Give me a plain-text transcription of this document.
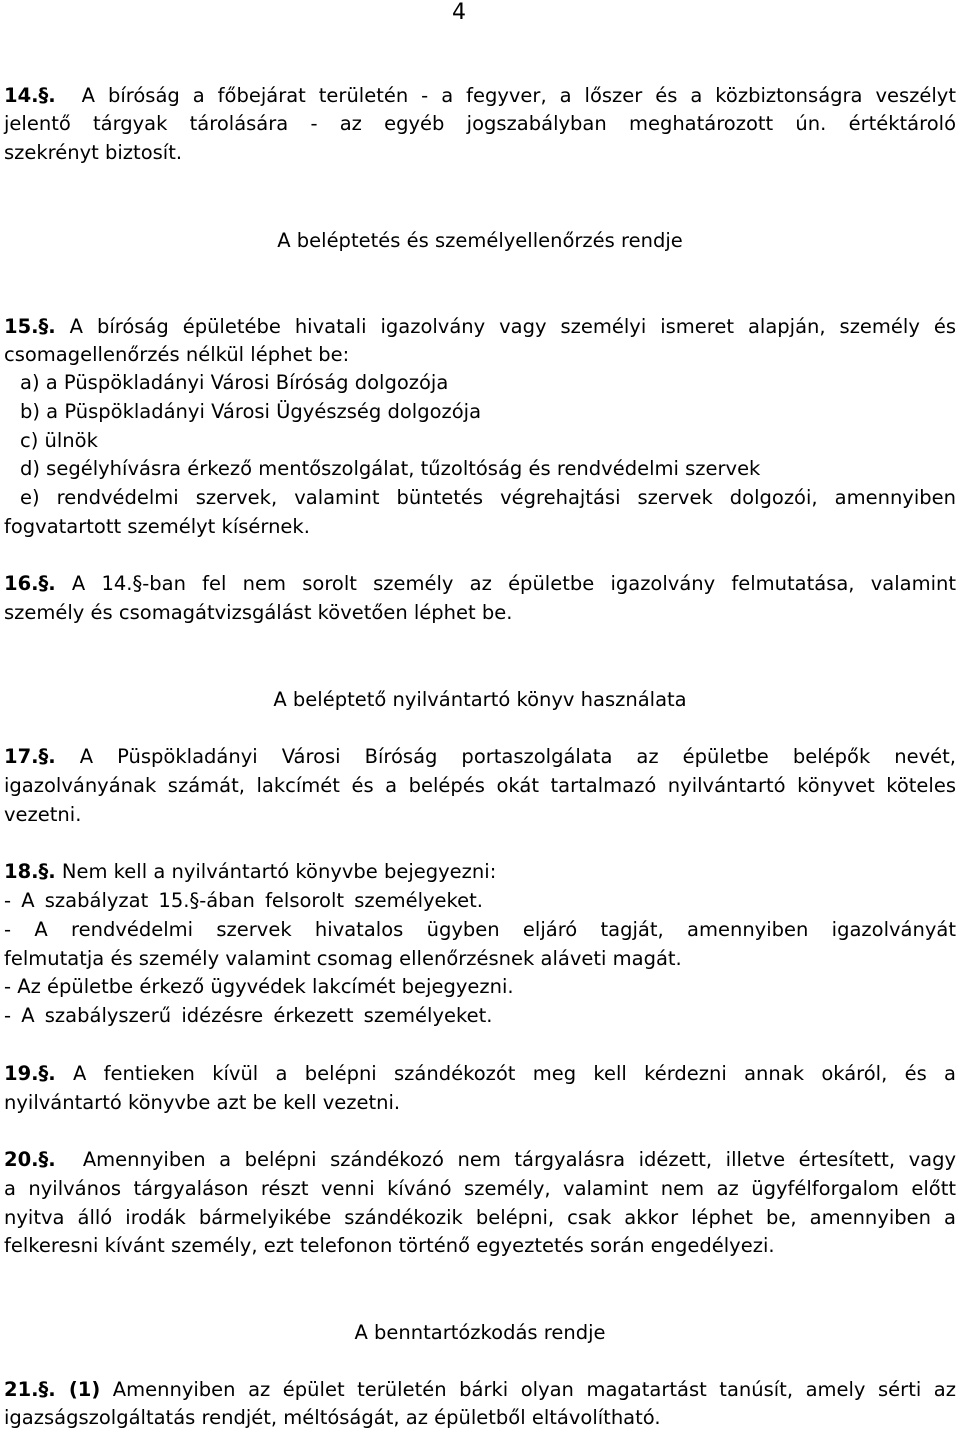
4
14.§. A bíróság a főbejárat területén - a fegyver, a lőszer és a közbiztonságra veszélyt
jelentő tárgyak tárolására - az egyéb jogszabályban meghatározott ún. értéktároló
szekrényt biztosít.
A beléptetés és személyellenőrzés rendje
15.§. A bíróság épületébe hivatali igazolvány vagy személyi ismeret alapján, személy és
csomagellenőrzés nélkül léphet be:
a) a Püspökladányi Városi Bíróság dolgozója
b) a Püspökladányi Városi Ügyészség dolgozója
c) ülnök
d) segélyhívásra érkező mentőszolgálat, tűzoltóság és rendvédelmi szervek
e) rendvédelmi szervek, valamint büntetés végrehajtási szervek dolgozói, amennyiben
fogvatartott személyt kísérnek.
16.§. A 14.§-ban fel nem sorolt személy az épületbe igazolvány felmutatása, valamint
személy és csomagátvizsgálást követően léphet be.
A beléptető nyilvántartó könyv használata
17.§. A Püspökladányi Városi Bíróság portaszolgálata az épületbe belépők nevét,
igazolványának számát, lakcímét és a belépés okát tartalmazó nyilvántartó könyvet köteles
vezetni.
18.§. Nem kell a nyilvántartó könyvbe bejegyezni:
- A szabályzat 15.§-ában felsorolt személyeket.
- A rendvédelmi szervek hivatalos ügyben eljáró tagját, amennyiben igazolványát
felmutatja és személy valamint csomag ellenőrzésnek aláveti magát.
- Az épületbe érkező ügyvédek lakcímét bejegyezni.
- A szabályszerű idézésre érkezett személyeket.
19.§. A fentieken kívül a belépni szándékozót meg kell kérdezni annak okáról, és a
nyilvántartó könyvbe azt be kell vezetni.
20.§. Amennyiben a belépni szándékozó nem tárgyalásra idézett, illetve értesített, vagy
a nyilvános tárgyaláson részt venni kívánó személy, valamint nem az ügyfélforgalom előtt
nyitva álló irodák bármelyikébe szándékozik belépni, csak akkor léphet be, amennyiben a
felkeresni kívánt személy, ezt telefonon történő egyeztetés során engedélyezi.
A benntartózkodás rendje
21.§. (1) Amennyiben az épület területén bárki olyan magatartást tanúsít, amely sérti az
igazságszolgáltatás rendjét, méltóságát, az épületből eltávolítható.
